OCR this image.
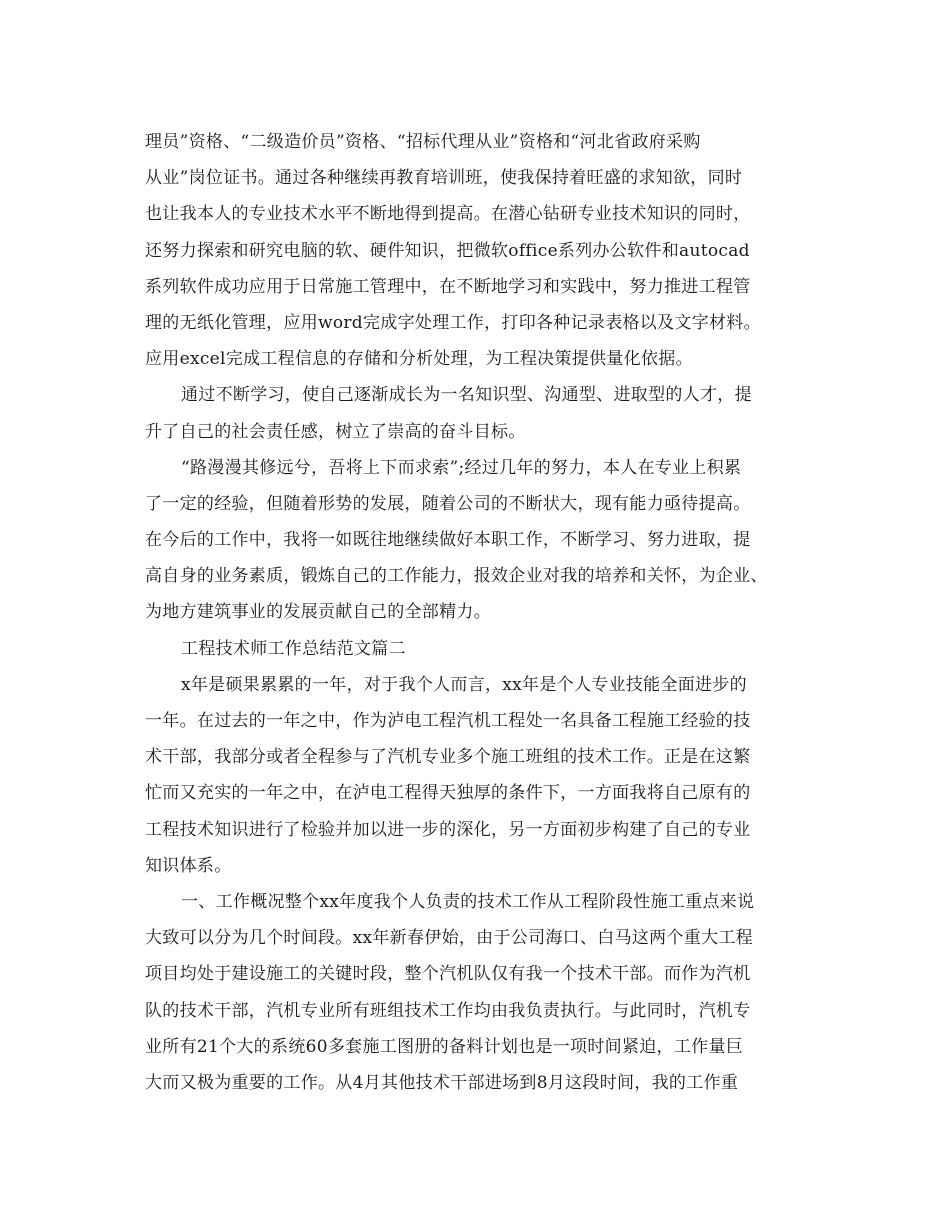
理员”资格、“二级造价员”资格、“招标代理从业”资格和“河北省政府采购
从业”岗位证书。通过各种继续再教育培训班，使我保持着旺盛的求知欲，同时
也让我本人的专业技术水平不断地得到提高。在潜心钻研专业技术知识的同时，
还努力探索和研究电脑的软、硬件知识，把微软office系列办公软件和autocad
系列软件成功应用于日常施工管理中，在不断地学习和实践中，努力推进工程管
理的无纸化管理，应用word完成字处理工作，打印各种记录表格以及文字材料。
应用excel完成工程信息的存储和分析处理，为工程决策提供量化依据。
通过不断学习，使自己逐渐成长为一名知识型、沟通型、进取型的人才，提
升了自己的社会责任感，树立了崇高的奋斗目标。
“路漫漫其修远兮，吾将上下而求索”;经过几年的努力，本人在专业上积累
了一定的经验，但随着形势的发展，随着公司的不断状大，现有能力亟待提高。
在今后的工作中，我将一如既往地继续做好本职工作，不断学习、努力进取，提
高自身的业务素质，锻炼自己的工作能力，报效企业对我的培养和关怀，为企业、
为地方建筑事业的发展贡献自己的全部精力。
工程技术师工作总结范文篇二
x年是硕果累累的一年，对于我个人而言，xx年是个人专业技能全面进步的
一年。在过去的一年之中，作为泸电工程汽机工程处一名具备工程施工经验的技
术干部，我部分或者全程参与了汽机专业多个施工班组的技术工作。正是在这繁
忙而又充实的一年之中，在泸电工程得天独厚的条件下，一方面我将自己原有的
工程技术知识进行了检验并加以进一步的深化，另一方面初步构建了自己的专业
知识体系。
一、工作概况整个xx年度我个人负责的技术工作从工程阶段性施工重点来说
大致可以分为几个时间段。xx年新春伊始，由于公司海口、白马这两个重大工程
项目均处于建设施工的关键时段，整个汽机队仅有我一个技术干部。而作为汽机
队的技术干部，汽机专业所有班组技术工作均由我负责执行。与此同时，汽机专
业所有21个大的系统60多套施工图册的备料计划也是一项时间紧迫，工作量巨
大而又极为重要的工作。从4月其他技术干部进场到8月这段时间，我的工作重
